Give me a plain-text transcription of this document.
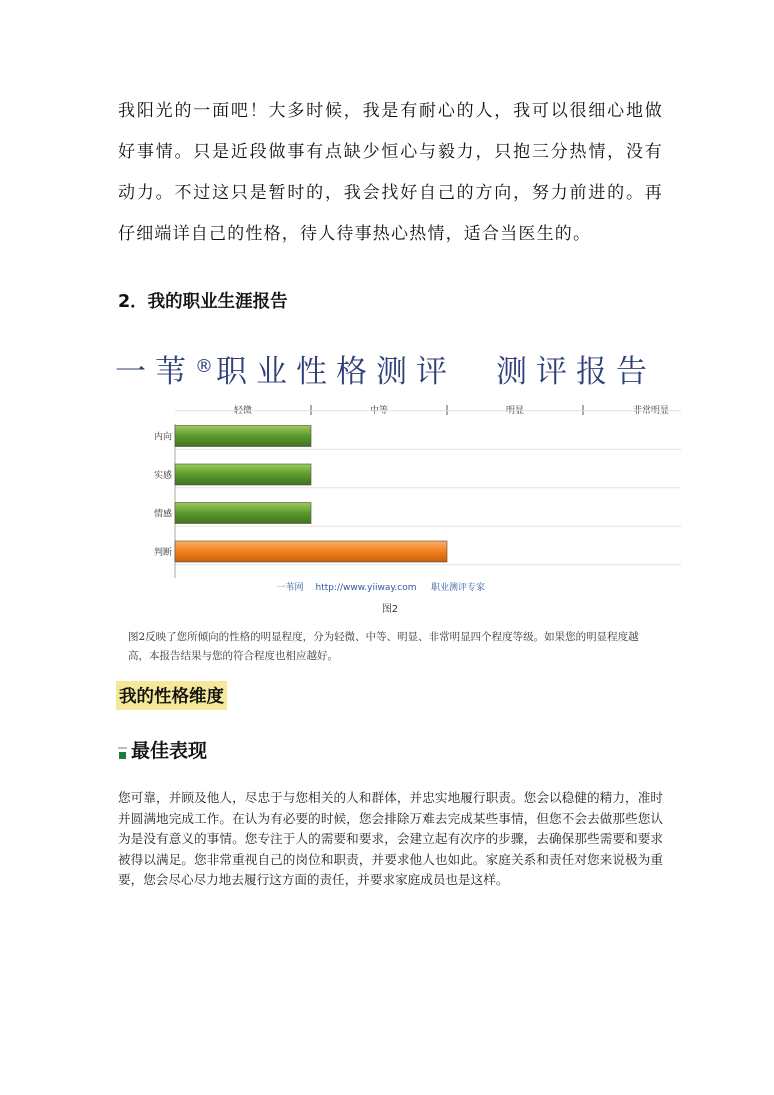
我阳光的一面吧！大多时候，我是有耐心的人，我可以很细心地做好事情。只是近段做事有点缺少恒心与毅力，只抱三分热情，没有动力。不过这只是暂时的，我会找好自己的方向，努力前进的。再仔细端详自己的性格，待人待事热心热情，适合当医生的。

2．我的职业生涯报告
一苇®职业性格测评　测评报告
轻微	中等	明显	非常明显
内向
实感
情感
判断
一苇网 http://www.yiiway.com 职业测评专家
图2

图2反映了您所倾向的性格的明显程度，分为轻微、中等、明显、非常明显四个程度等级。如果您的明显程度越高，本报告结果与您的符合程度也相应越好。

我的性格维度
最佳表现

您可靠，并顾及他人，尽忠于与您相关的人和群体，并忠实地履行职责。您会以稳健的精力，准时并圆满地完成工作。在认为有必要的时候，您会排除万难去完成某些事情，但您不会去做那些您认为是没有意义的事情。您专注于人的需要和要求，会建立起有次序的步骤，去确保那些需要和要求被得以满足。您非常重视自己的岗位和职责，并要求他人也如此。家庭关系和责任对您来说极为重要，您会尽心尽力地去履行这方面的责任，并要求家庭成员也是这样。
